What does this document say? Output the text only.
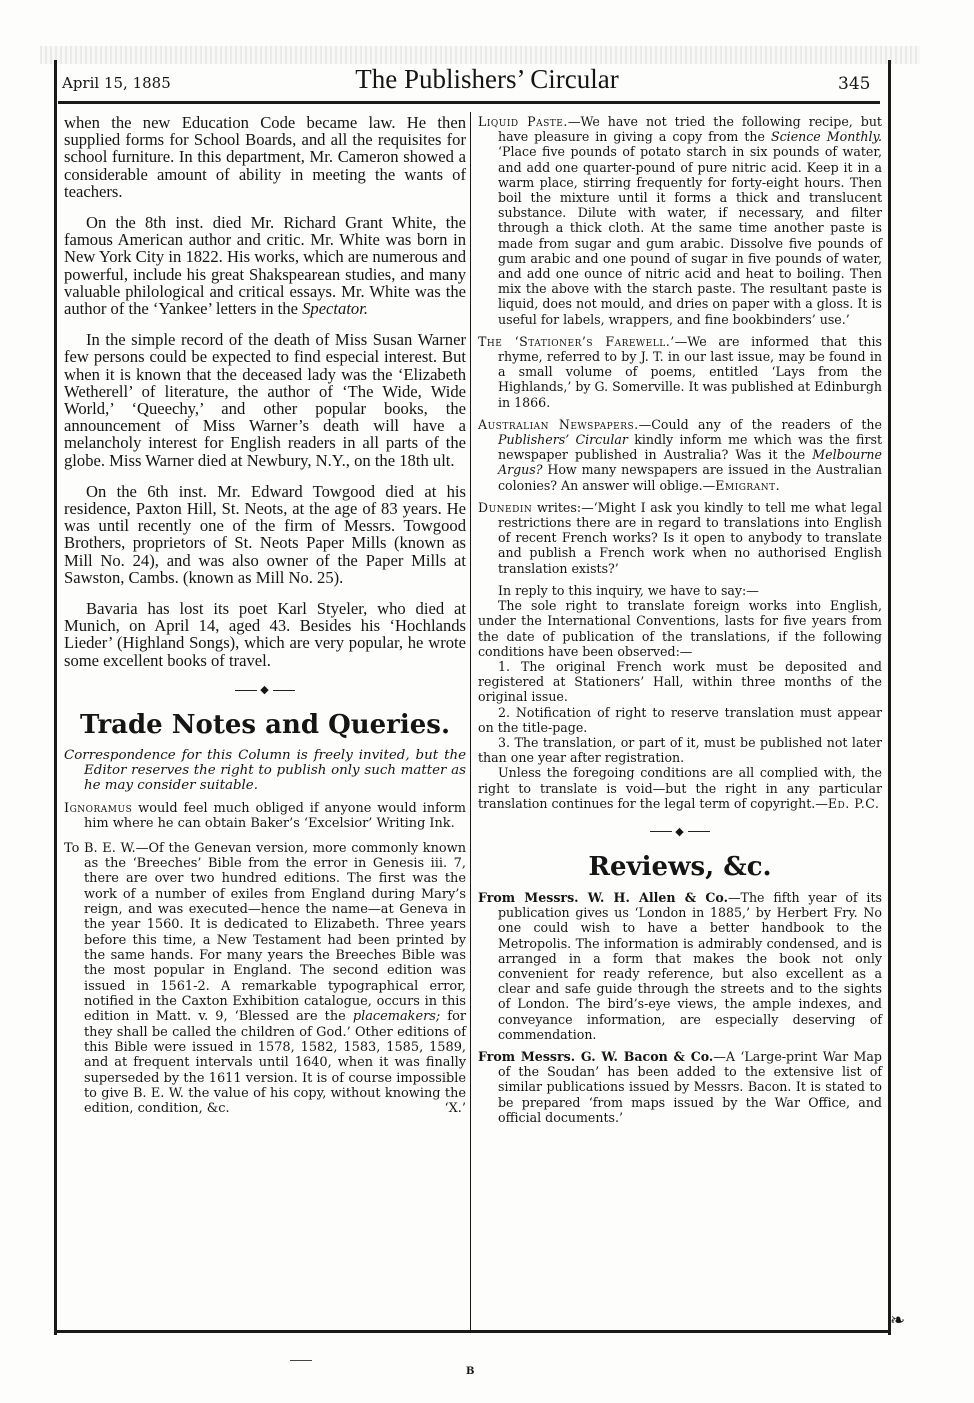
April 15, 1885	The Publishers’ Circular	345

when the new Education Code became law. He then supplied forms for School Boards, and all the requisites for school furniture. In this department, Mr. Cameron showed a considerable amount of ability in meeting the wants of teachers.

On the 8th inst. died Mr. Richard Grant White, the famous American author and critic. Mr. White was born in New York City in 1822. His works, which are numerous and powerful, include his great Shakspearean studies, and many valuable philological and critical essays. Mr. White was the author of the ‘Yankee’ letters in the Spectator.

In the simple record of the death of Miss Susan Warner few persons could be expected to find especial interest. But when it is known that the deceased lady was the ‘Elizabeth Wetherell’ of literature, the author of ‘The Wide, Wide World,’ ‘Queechy,’ and other popular books, the announcement of Miss Warner’s death will have a melancholy interest for English readers in all parts of the globe. Miss Warner died at Newbury, N.Y., on the 18th ult.

On the 6th inst. Mr. Edward Towgood died at his residence, Paxton Hill, St. Neots, at the age of 83 years. He was until recently one of the firm of Messrs. Towgood Brothers, proprietors of St. Neots Paper Mills (known as Mill No. 24), and was also owner of the Paper Mills at Sawston, Cambs. (known as Mill No. 25).

Bavaria has lost its poet Karl Styeler, who died at Munich, on April 14, aged 43. Besides his ‘Hochlands Lieder’ (Highland Songs), which are very popular, he wrote some excellent books of travel.

◆
Trade Notes and Queries.
Correspondence for this Column is freely invited, but the Editor reserves the right to publish only such matter as he may consider suitable.
Ignoramus would feel much obliged if anyone would inform him where he can obtain Baker’s ‘Excelsior’ Writing Ink.
To B. E. W.—Of the Genevan version, more commonly known as the ‘Breeches’ Bible from the error in Genesis iii. 7, there are over two hundred editions. The first was the work of a number of exiles from England during Mary’s reign, and was executed—hence the name—at Geneva in the year 1560. It is dedicated to Elizabeth. Three years before this time, a New Testament had been printed by the same hands. For many years the Breeches Bible was the most popular in England. The second edition was issued in 1561-2. A remarkable typographical error, notified in the Caxton Exhibition catalogue, occurs in this edition in Matt. v. 9, ‘Blessed are the placemakers; for they shall be called the children of God.’ Other editions of this Bible were issued in 1578, 1582, 1583, 1585, 1589, and at frequent intervals until 1640, when it was finally superseded by the 1611 version. It is of course impossible to give B. E. W. the value of his copy, without knowing the edition, condition, &c.	‘X.’
Liquid Paste.—We have not tried the following recipe, but have pleasure in giving a copy from the Science Monthly. ‘Place five pounds of potato starch in six pounds of water, and add one quarter-pound of pure nitric acid. Keep it in a warm place, stirring frequently for forty-eight hours. Then boil the mixture until it forms a thick and translucent substance. Dilute with water, if necessary, and filter through a thick cloth. At the same time another paste is made from sugar and gum arabic. Dissolve five pounds of gum arabic and one pound of sugar in five pounds of water, and add one ounce of nitric acid and heat to boiling. Then mix the above with the starch paste. The resultant paste is liquid, does not mould, and dries on paper with a gloss. It is useful for labels, wrappers, and fine bookbinders’ use.’
The ‘Stationer’s Farewell.’—We are informed that this rhyme, referred to by J. T. in our last issue, may be found in a small volume of poems, entitled ‘Lays from the Highlands,’ by G. Somerville. It was published at Edinburgh in 1866.
Australian Newspapers.—Could any of the readers of the Publishers’ Circular kindly inform me which was the first newspaper published in Australia? Was it the Melbourne Argus? How many newspapers are issued in the Australian colonies? An answer will oblige.—Emigrant.
Dunedin writes:—‘Might I ask you kindly to tell me what legal restrictions there are in regard to translations into English of recent French works? Is it open to anybody to translate and publish a French work when no authorised English translation exists?’

In reply to this inquiry, we have to say:—

The sole right to translate foreign works into English, under the International Conventions, lasts for five years from the date of publication of the translations, if the following conditions have been observed:—

1. The original French work must be deposited and registered at Stationers’ Hall, within three months of the original issue.

2. Notification of right to reserve translation must appear on the title-page.

3. The translation, or part of it, must be published not later than one year after registration.

Unless the foregoing conditions are all complied with, the right to translate is void—but the right in any particular translation continues for the legal term of copyright.—Ed. P.C.

◆
Reviews, &c.
From Messrs. W. H. Allen & Co.—The fifth year of its publication gives us ‘London in 1885,’ by Herbert Fry. No one could wish to have a better handbook to the Metropolis. The information is admirably condensed, and is arranged in a form that makes the book not only convenient for ready reference, but also excellent as a clear and safe guide through the streets and to the sights of London. The bird’s-eye views, the ample indexes, and conveyance information, are especially deserving of commendation.
From Messrs. G. W. Bacon & Co.—A ‘Large-print War Map of the Soudan’ has been added to the extensive list of similar publications issued by Messrs. Bacon. It is stated to be prepared ‘from maps issued by the War Office, and official documents.’
B
❧
